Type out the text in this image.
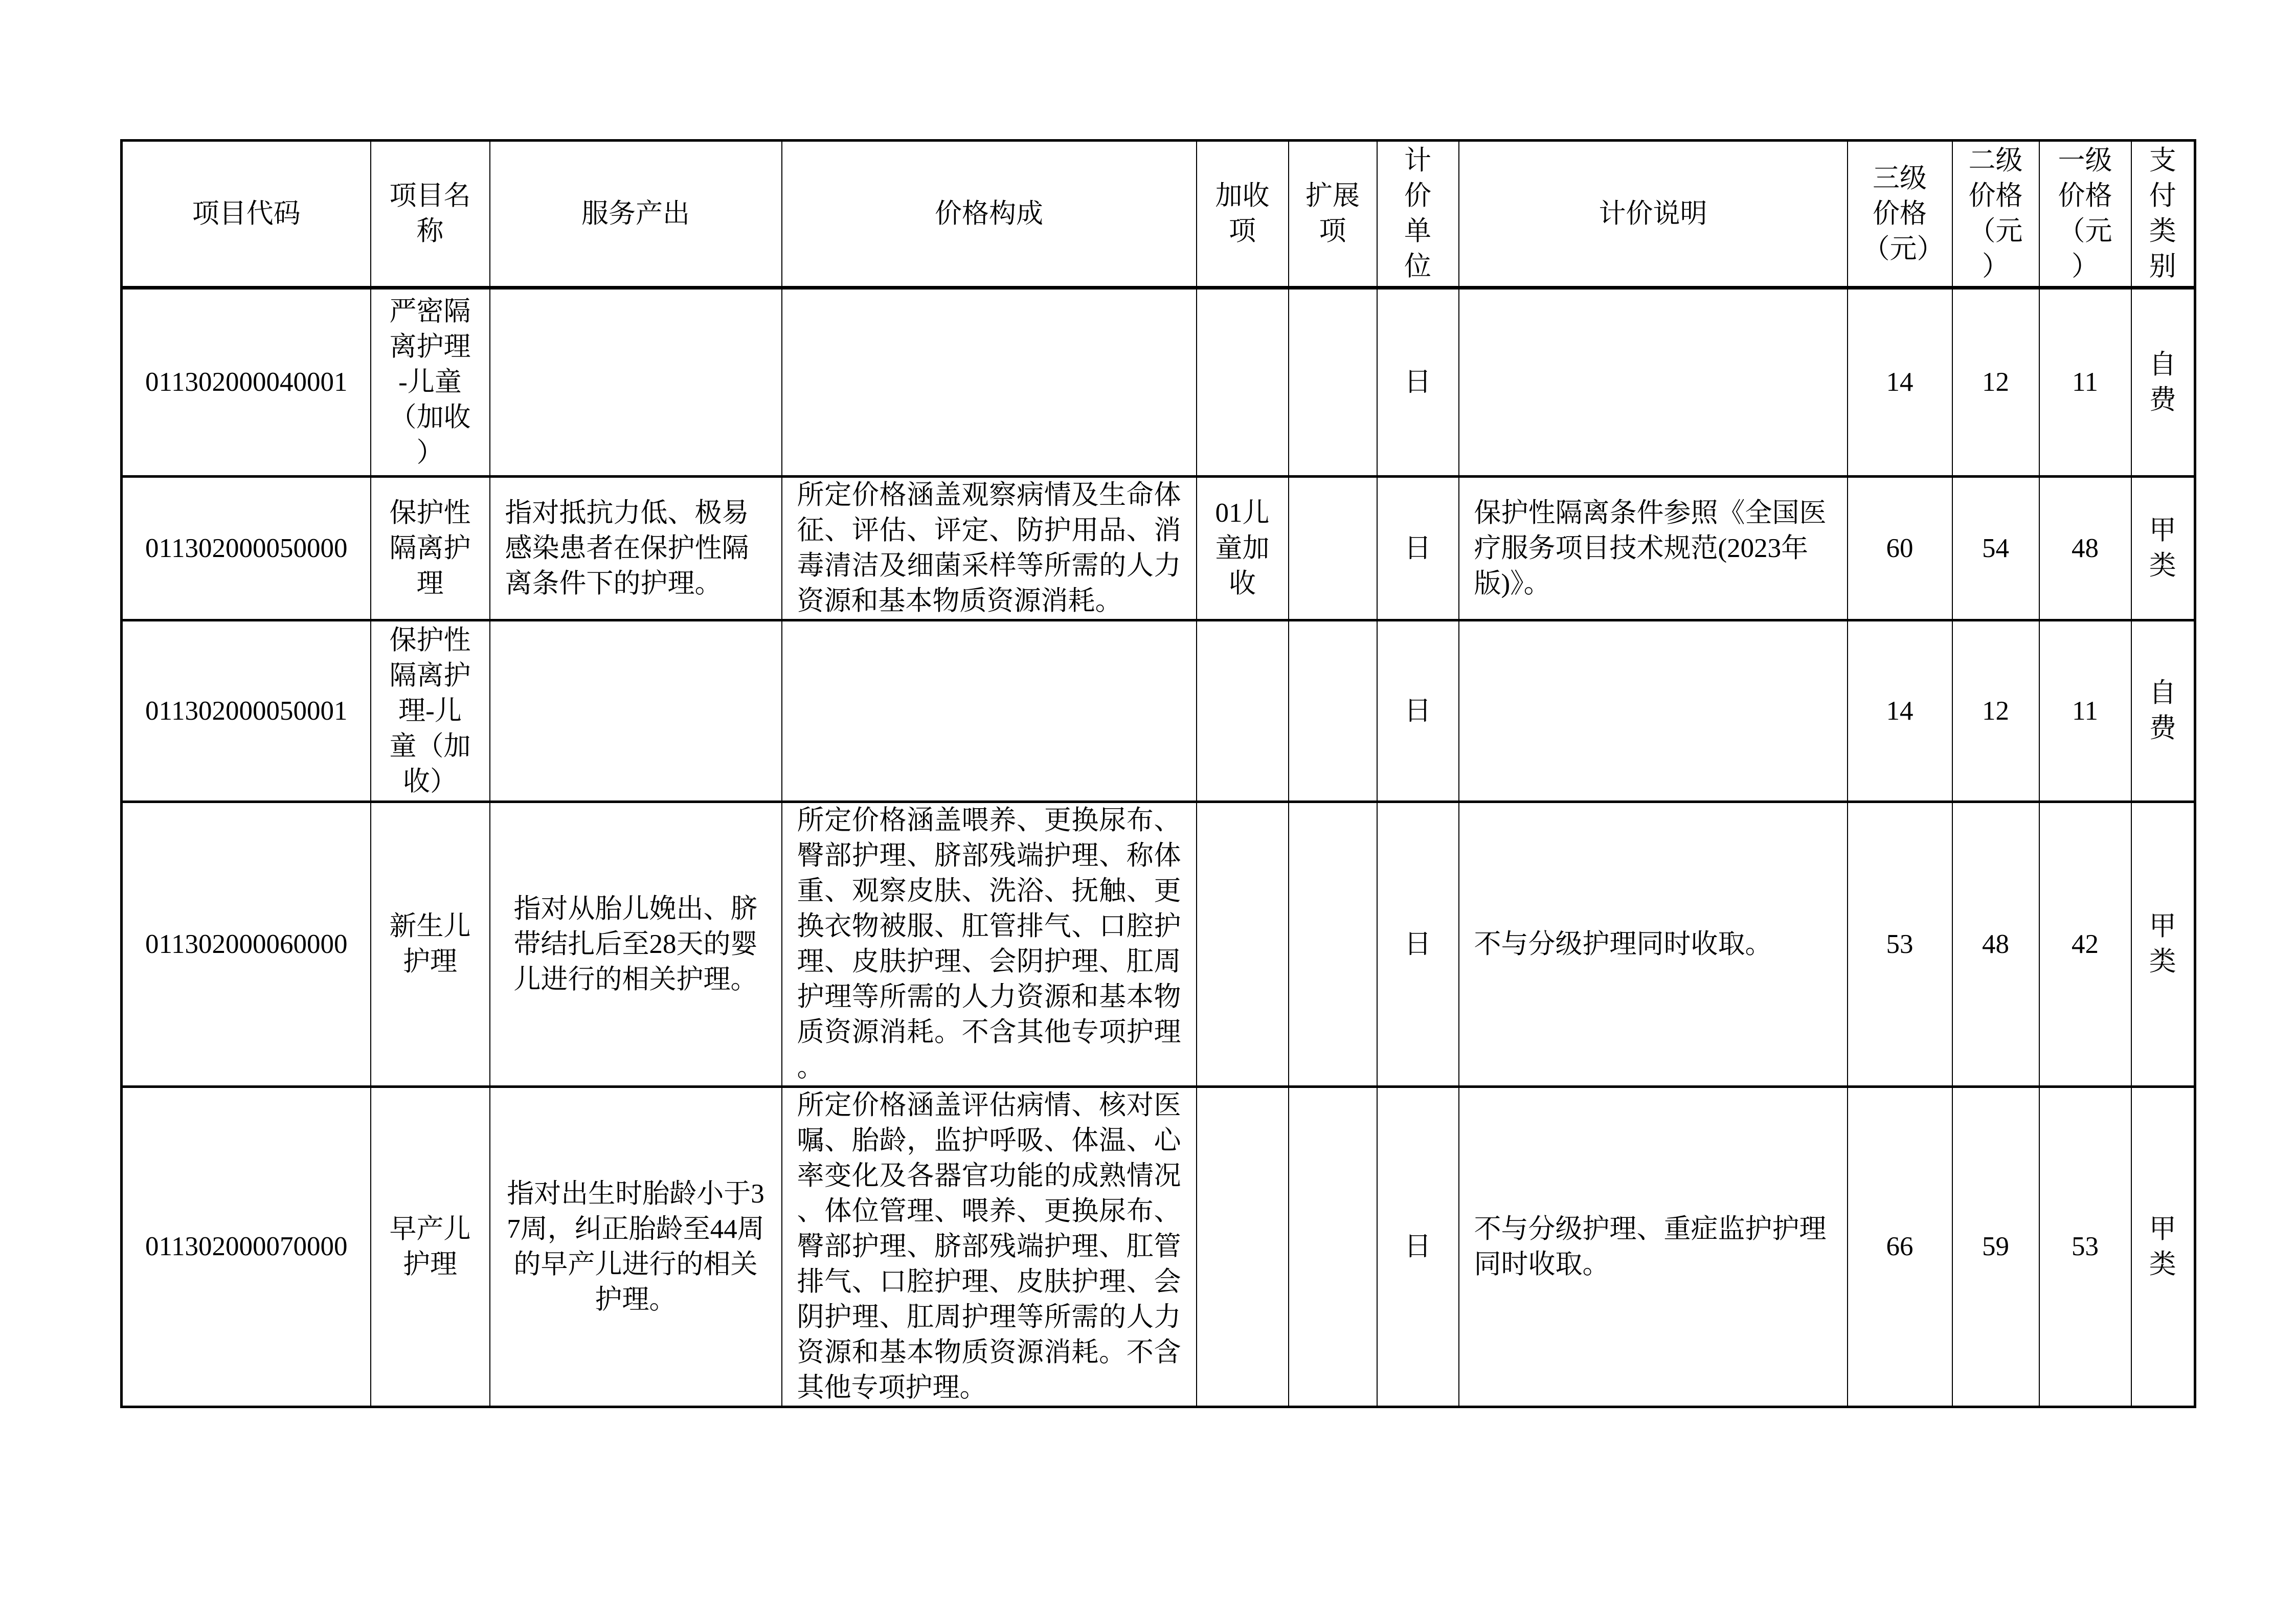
项目代码	项目名称	服务产出	价格构成	加收项	扩展项	计价单位	计价说明	三级价格（元）	二级价格（元）	一级价格（元）	支付类别
011302000040001	严密隔离护理-儿童（加收）					日		14	12	11	自费
011302000050000	保护性隔离护理	指对抵抗力低、极易感染患者在保护性隔离条件下的护理。	所定价格涵盖观察病情及生命体征、评估、评定、防护用品、消毒清洁及细菌采样等所需的人力资源和基本物质资源消耗。	01儿童加收		日	保护性隔离条件参照《全国医疗服务项目技术规范(2023年版)》。	60	54	48	甲类
011302000050001	保护性隔离护理-儿童（加收）					日		14	12	11	自费
011302000060000	新生儿护理	指对从胎儿娩出、脐带结扎后至28天的婴儿进行的相关护理。	所定价格涵盖喂养、更换尿布、臀部护理、脐部残端护理、称体重、观察皮肤、洗浴、抚触、更换衣物被服、肛管排气、口腔护理、皮肤护理、会阴护理、肛周护理等所需的人力资源和基本物质资源消耗。不含其他专项护理。			日	不与分级护理同时收取。	53	48	42	甲类
011302000070000	早产儿护理	指对出生时胎龄小于37周，纠正胎龄至44周的早产儿进行的相关护理。	所定价格涵盖评估病情、核对医嘱、胎龄，监护呼吸、体温、心率变化及各器官功能的成熟情况、体位管理、喂养、更换尿布、臀部护理、脐部残端护理、肛管排气、口腔护理、皮肤护理、会阴护理、肛周护理等所需的人力资源和基本物质资源消耗。不含其他专项护理。			日	不与分级护理、重症监护护理同时收取。	66	59	53	甲类
